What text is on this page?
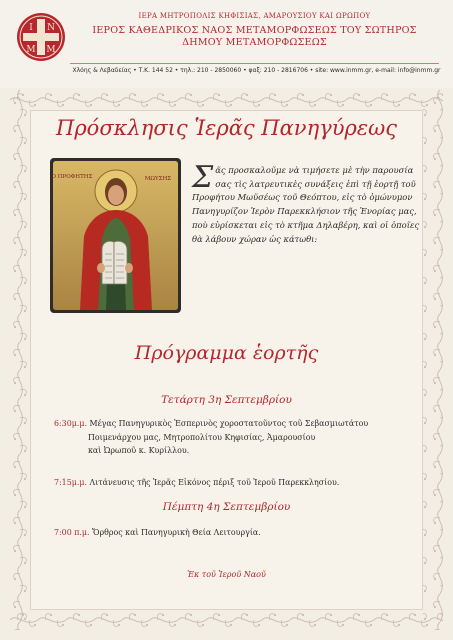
Ι Ν
Μ Μ
ΙΕΡΑ ΜΗΤΡΟΠΟΛΙΣ ΚΗΦΙΣΙΑΣ, ΑΜΑΡΟΥΣΙΟΥ ΚΑΙ ΩΡΩΠΟΥ
ΙΕΡΟΣ ΚΑΘΕΔΡΙΚΟΣ ΝΑΟΣ ΜΕΤΑΜΟΡΦΩΣΕΩΣ ΤΟΥ ΣΩΤΗΡΟΣ
ΔΗΜΟΥ ΜΕΤΑΜΟΡΦΩΣΕΩΣ
Χλόης & Λεβαδείας • Τ.Κ. 144 52 • τηλ.: 210 - 2850060 • φαξ: 210 - 2816706 • site: www.inmm.gr, e-mail: info@inmm.gr
Πρόσκλησις Ἱερᾶς Πανηγύρεως
Ο ΠΡΟΦΗΤΗΣ	ΜΩΥΣΗΣ Σᾶς προσκαλοῦμε νὰ τιμήσετε μὲ τὴν παρουσία σας τὶς λατρευτικὲς συνάξεις ἐπὶ τῇ ἑορτῇ τοῦ Προφήτου Μωϋσέως τοῦ Θεόπτου, εἰς τὸ ὁμώνυμον Πανηγυρίζον Ἱερὸν Παρεκκλήσιον τῆς Ἐνορίας μας, ποὺ εὑρίσκεται εἰς τὸ κτῆμα Δηλαβέρη, καὶ οἱ ὁποῖες θὰ λάβουν χώραν ὡς κάτωθι:
Πρόγραμμα ἑορτῆς
Τετάρτη 3η Σεπτεμβρίου
6:30μ.μ. Μέγας Πανηγυρικὸς Ἑσπερινὸς χοροστατοῦντος τοῦ Σεβασμιωτάτου
Ποιμενάρχου μας, Μητροπολίτου Κηφισίας, Ἀμαρουσίου
καὶ Ὠρωποῦ κ. Κυρίλλου.
7:15μ.μ. Λιτάνευσις τῆς Ἱερᾶς Εἰκόνος πέριξ τοῦ Ἱεροῦ Παρεκκλησίου.
Πέμπτη 4η Σεπτεμβρίου
7:00 π.μ. Ὄρθρος καὶ Πανηγυρικὴ Θεία Λειτουργία.
Ἐκ τοῦ Ἱεροῦ Ναοῦ
